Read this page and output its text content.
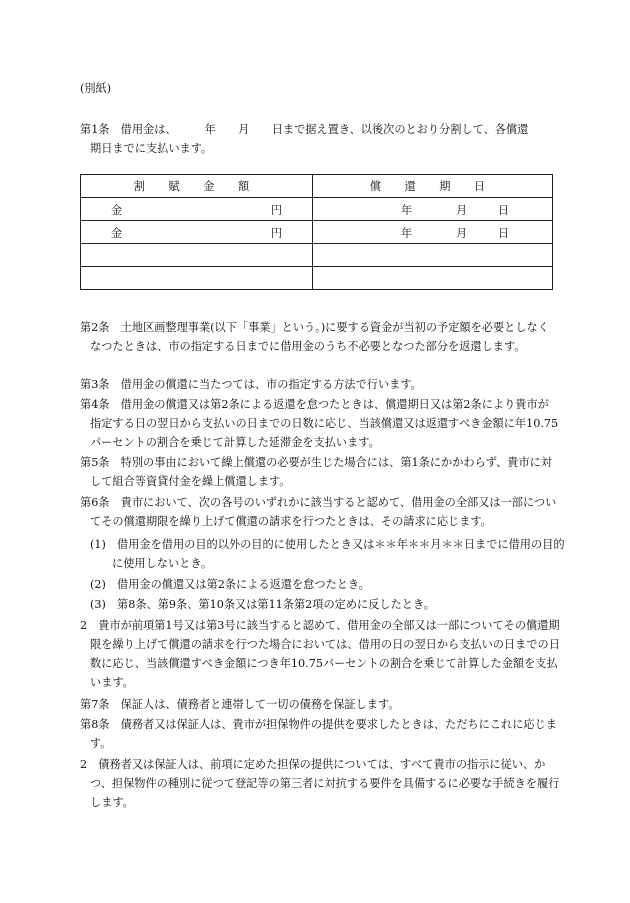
(別紙)
第1条　借用金は、　　　年　　月　　日まで据え置き、以後次のとおり分割して、各償還
期日までに支払います。
割 賦 金 額	償 還 期 日

金 円	年 月 日

金 円	年 月 日

第2条　土地区画整理事業(以下「事業」という。)に要する資金が当初の予定額を必要としなくなつたときは、市の指定する日までに借用金のうち不必要となつた部分を返還します。
第3条　借用金の償還に当たつては、市の指定する方法で行います。
第4条　借用金の償還又は第2条による返還を怠つたときは、償還期日又は第2条により貴市が指定する日の翌日から支払いの日までの日数に応じ、当該償還又は返還すべき金額に年10.75パーセントの割合を乗じて計算した延滞金を支払います。
第5条　特別の事由において繰上償還の必要が生じた場合には、第1条にかかわらず、貴市に対して組合等資貸付金を繰上償還します。
第6条　貴市において、次の各号のいずれかに該当すると認めて、借用金の全部又は一部についてその償還期限を繰り上げて償還の請求を行つたときは、その請求に応じます。
(1)　借用金を借用の目的以外の目的に使用したとき又は＊＊年＊＊月＊＊日までに借用の目的に使用しないとき。
(2)　借用金の償還又は第2条による返還を怠つたとき。
(3)　第8条、第9条、第10条又は第11条第2項の定めに反したとき。
2　貴市が前項第1号又は第3号に該当すると認めて、借用金の全部又は一部についてその償還期限を繰り上げて償還の請求を行つた場合においては、借用の日の翌日から支払いの日までの日数に応じ、当該償還すべき金額につき年10.75パーセントの割合を乗じて計算した金額を支払います。
第7条　保証人は、債務者と連帯して一切の債務を保証します。
第8条　債務者又は保証人は、貴市が担保物件の提供を要求したときは、ただちにこれに応じます。
2　債務者又は保証人は、前項に定めた担保の提供については、すべて貴市の指示に従い、かつ、担保物件の種別に従つて登記等の第三者に対抗する要件を具備するに必要な手続きを履行します。
